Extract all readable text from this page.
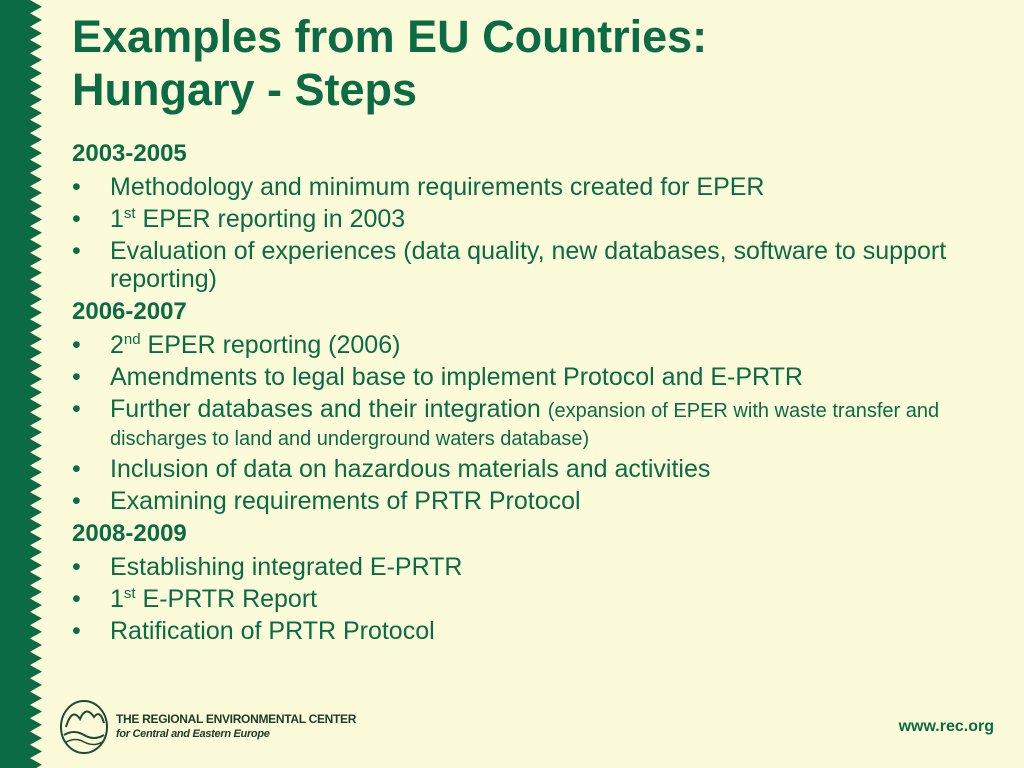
Examples from EU Countries:
Hungary - Steps
2003-2005
•	Methodology and minimum requirements created for EPER
•	1st EPER reporting in 2003
•	Evaluation of experiences (data quality, new databases, software to support reporting)
2006-2007
•	2nd EPER reporting (2006)
•	Amendments to legal base to implement Protocol and E-PRTR
•	Further databases and their integration (expansion of EPER with waste transfer and discharges to land and underground waters database)
•	Inclusion of data on hazardous materials and activities
•	Examining requirements of PRTR Protocol
2008-2009
•	Establishing integrated E-PRTR
•	1st E-PRTR Report
•	Ratification of PRTR Protocol
THE REGIONAL ENVIRONMENTAL CENTER
for Central and Eastern Europe	www.rec.org
